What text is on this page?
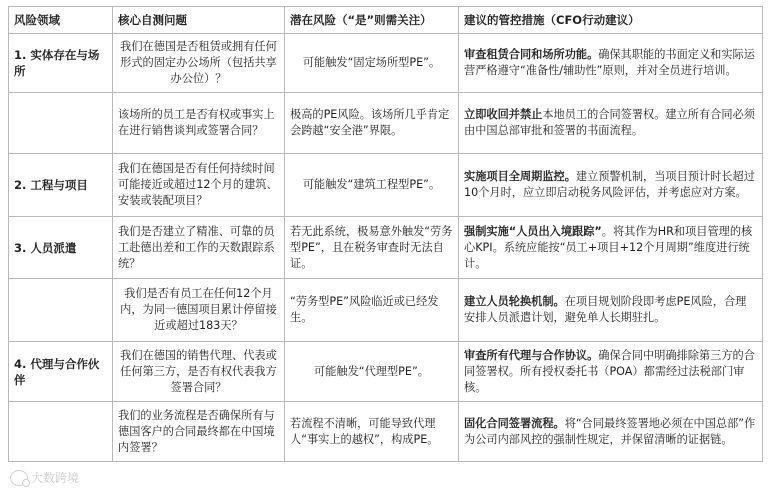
风险领域	核心自测问题	潜在风险（“是”则需关注）	建议的管控措施（CFO行动建议）
1. 实体存在与场所	我们在德国是否租赁或拥有任何形式的固定办公场所（包括共享办公位）？	可能触发“固定场所型PE”。	审查租赁合同和场所功能。确保其职能的书面定义和实际运营严格遵守“准备性/辅助性”原则，并对全员进行培训。
	该场所的员工是否有权或事实上在进行销售谈判或签署合同？	极高的PE风险。该场所几乎肯定会跨越“安全港”界限。	立即收回并禁止本地员工的合同签署权。建立所有合同必须由中国总部审批和签署的书面流程。
2. 工程与项目	我们在德国是否有任何持续时间可能接近或超过12个月的建筑、安装或装配项目？	可能触发“建筑工程型PE”。	实施项目全周期监控。建立预警机制，当项目预计时长超过10个月时，应立即启动税务风险评估，并考虑应对方案。
3. 人员派遣	我们是否建立了精准、可靠的员工赴德出差和工作的天数跟踪系统？	若无此系统，极易意外触发“劳务型PE”，且在税务审查时无法自证。	强制实施“人员出入境跟踪”。将其作为HR和项目管理的核心KPI。系统应能按“员工+项目+12个月周期”维度进行统计。
	我们是否有员工在任何12个月内，为同一德国项目累计停留接近或超过183天？	“劳务型PE”风险临近或已经发生。	建立人员轮换机制。在项目规划阶段即考虑PE风险，合理安排人员派遣计划，避免单人长期驻扎。
4. 代理与合作伙伴	我们在德国的销售代理、代表或任何第三方，是否有权代表我方签署合同？	可能触发“代理型PE”。	审查所有代理与合作协议。确保合同中明确排除第三方的合同签署权。所有授权委托书（POA）都需经过法税部门审核。
	我们的业务流程是否确保所有与德国客户的合同最终都在中国境内签署？	若流程不清晰，可能导致代理人“事实上的越权”，构成PE。	固化合同签署流程。将“合同最终签署地必须在中国总部”作为公司内部风控的强制性规定，并保留清晰的证据链。
大数跨境
